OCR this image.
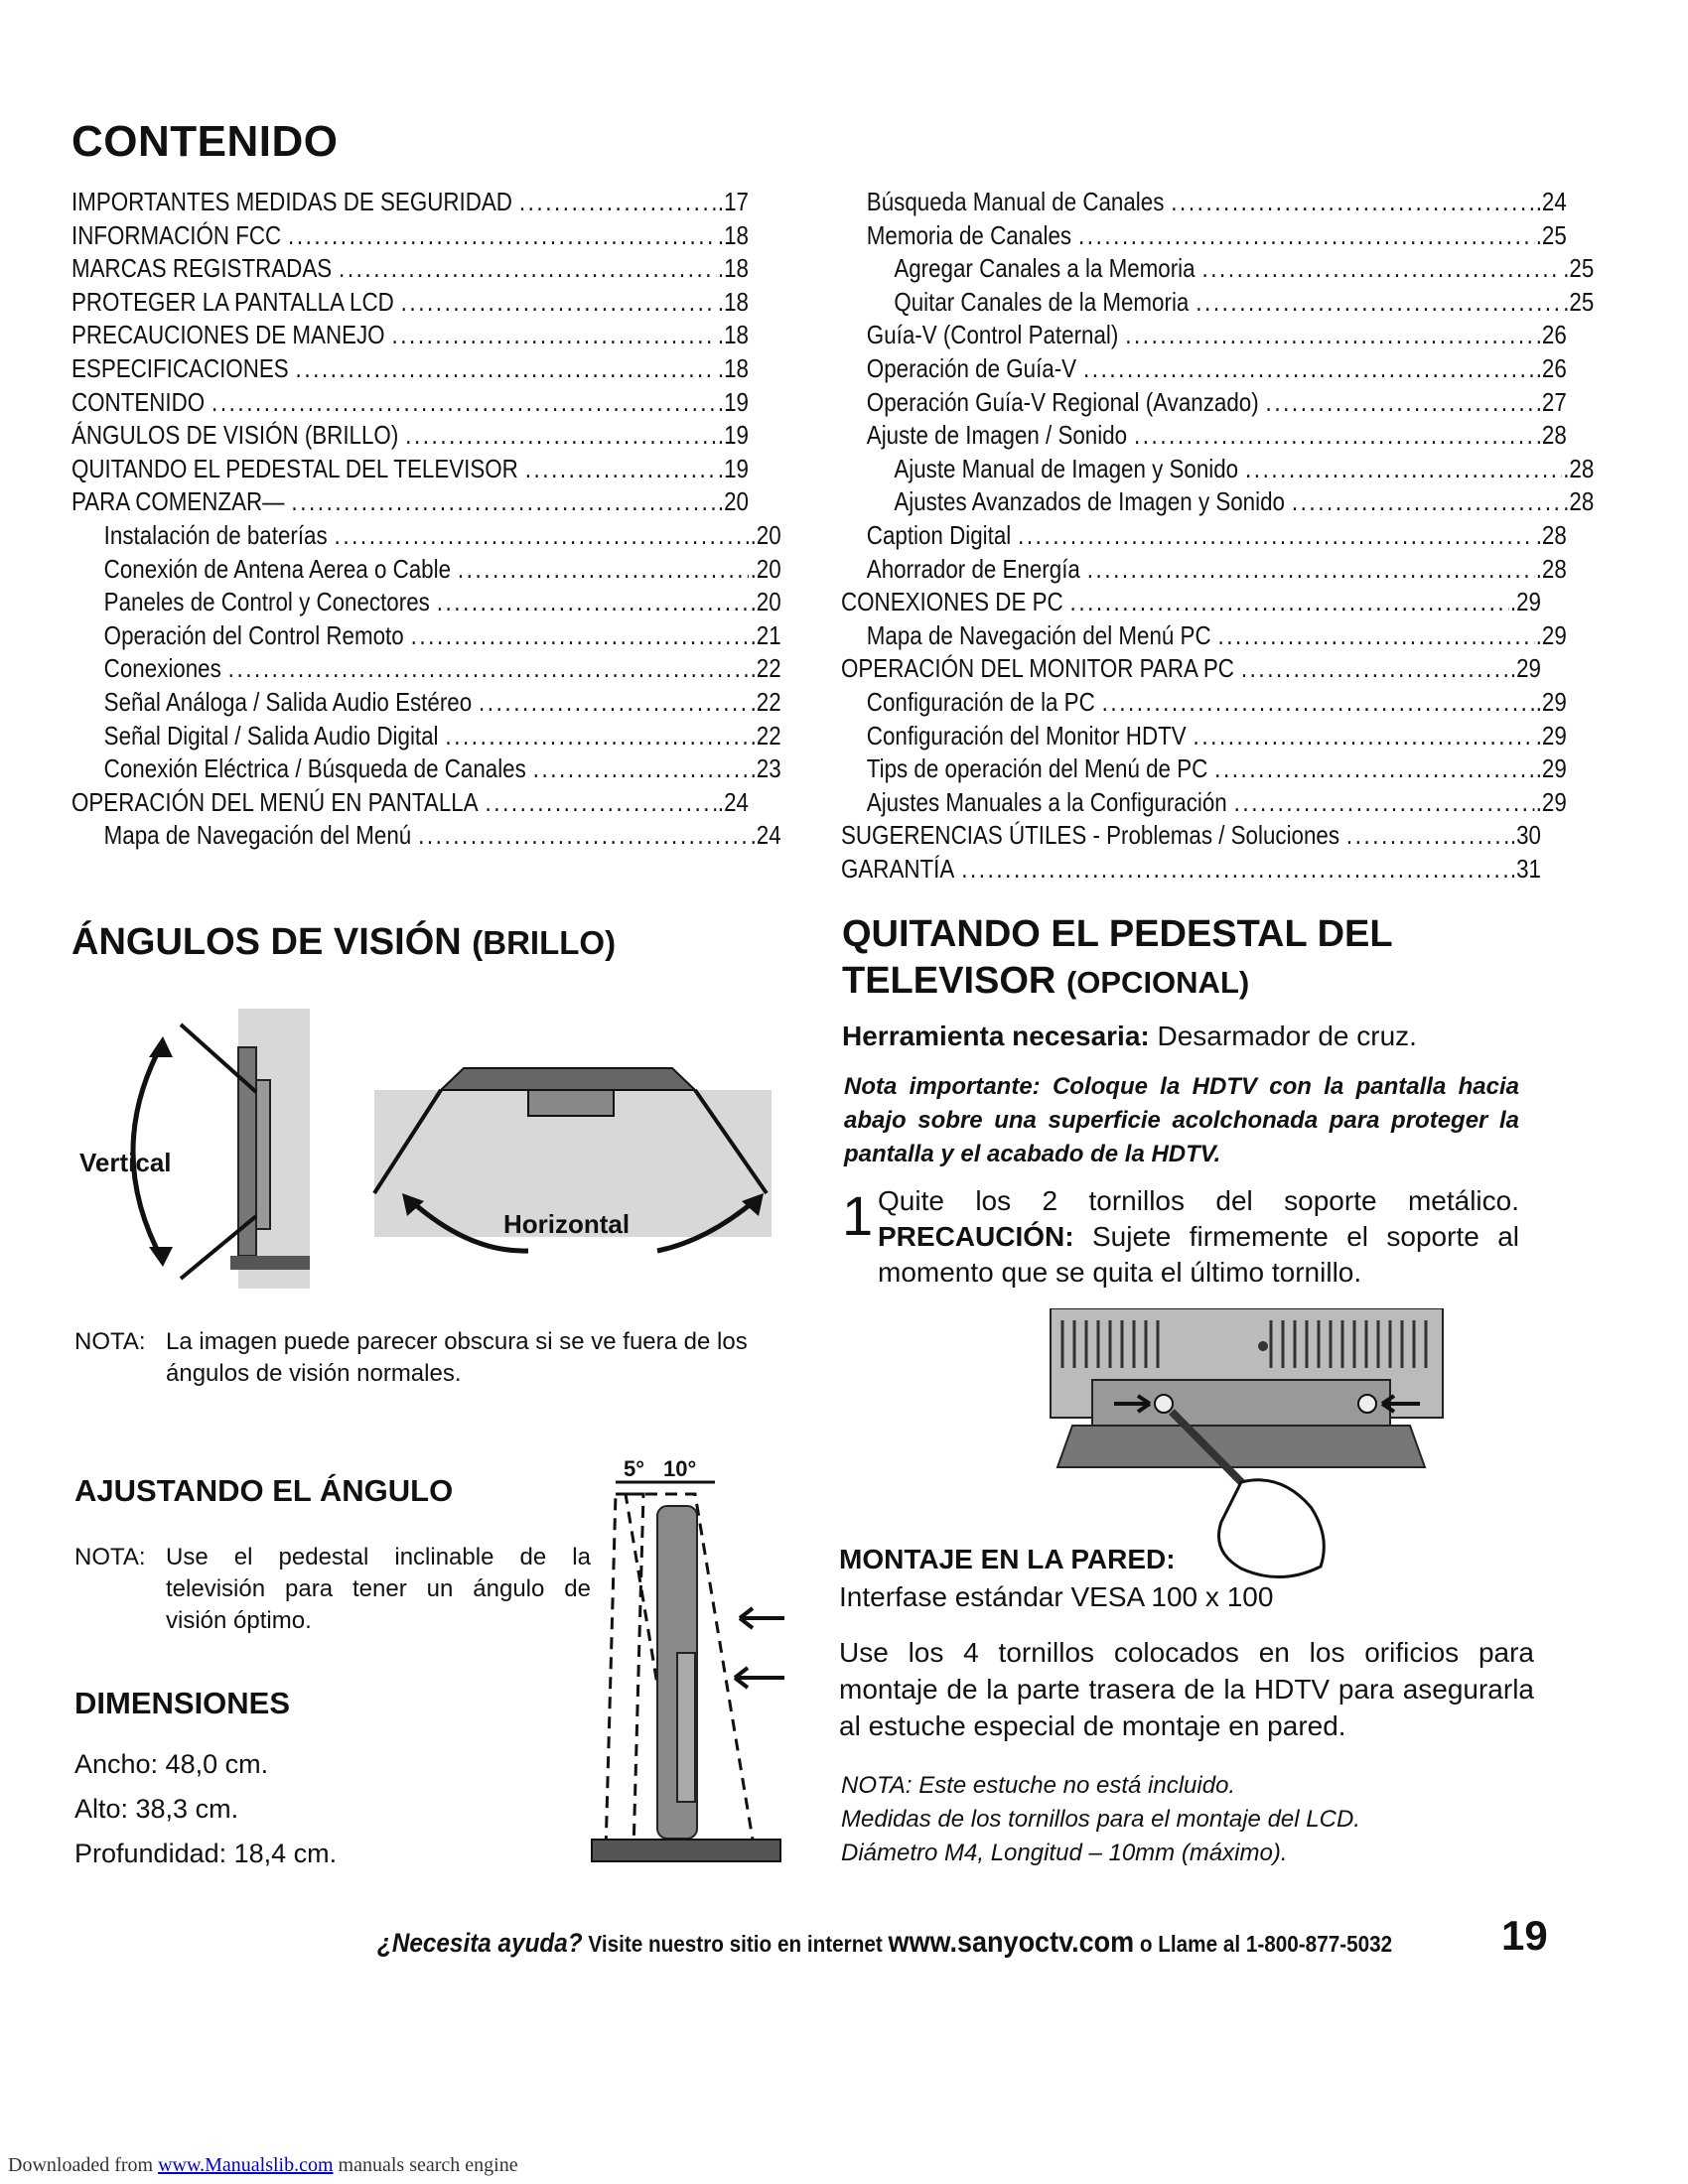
CONTENIDO
IMPORTANTES MEDIDAS DE SEGURIDAD .....	.17
INFORMACIÓN FCC .....	.18
MARCAS REGISTRADAS .....	.18
PROTEGER LA PANTALLA LCD .....	.18
PRECAUCIONES DE MANEJO .....	.18
ESPECIFICACIONES .....	.18
CONTENIDO .....	.19
ÁNGULOS DE VISIÓN (BRILLO) .....	.19
QUITANDO EL PEDESTAL DEL TELEVISOR .....	.19
PARA COMENZAR— .....	.20
Instalación de baterías .....	.20
Conexión de Antena Aerea o Cable .....	.20
Paneles de Control y Conectores .....	.20
Operación del Control Remoto .....	.21
Conexiones .....	.22
Señal Análoga / Salida Audio Estéreo .....	.22
Señal Digital / Salida Audio Digital .....	.22
Conexión Eléctrica / Búsqueda de Canales .....	.23
OPERACIÓN DEL MENÚ EN PANTALLA .....	.24
Mapa de Navegación del Menú .....	.24
Búsqueda Manual de Canales .....	.24
Memoria de Canales .....	.25
Agregar Canales a la Memoria .....	.25
Quitar Canales de la Memoria .....	.25
Guía-V (Control Paternal) .....	.26
Operación de Guía-V .....	.26
Operación Guía-V Regional (Avanzado) .....	.27
Ajuste de Imagen / Sonido .....	.28
Ajuste Manual de Imagen y Sonido .....	.28
Ajustes Avanzados de Imagen y Sonido .....	.28
Caption Digital .....	.28
Ahorrador de Energía .....	.28
CONEXIONES DE PC .....	.29
Mapa de Navegación del Menú PC .....	.29
OPERACIÓN DEL MONITOR PARA PC .....	.29
Configuración de la PC .....	.29
Configuración del Monitor HDTV .....	.29
Tips de operación del Menú de PC .....	.29
Ajustes Manuales a la Configuración .....	.29
SUGERENCIAS ÚTILES - Problemas / Soluciones .....	.30
GARANTÍA .....	.31
ÁNGULOS DE VISIÓN (BRILLO)
Vertical
Horizontal
NOTA: La imagen puede parecer obscura si se ve fuera de los ángulos de visión normales.
AJUSTANDO EL ÁNGULO
NOTA: Use el pedestal inclinable de la televisión para tener un ángulo de visión óptimo.
5° 10°
DIMENSIONES
Ancho: 48,0 cm.
Alto: 38,3 cm.
Profundidad: 18,4 cm.
QUITANDO EL PEDESTAL DEL
TELEVISOR (OPCIONAL)
Herramienta necesaria: Desarmador de cruz.
Nota importante: Coloque la HDTV con la pantalla hacia abajo sobre una superficie acolchonada para proteger la pantalla y el acabado de la HDTV.
1 Quite los 2 tornillos del soporte metálico. PRECAUCIÓN: Sujete firmemente el soporte al momento que se quita el último tornillo.
MONTAJE EN LA PARED:
Interfase estándar VESA 100 x 100
Use los 4 tornillos colocados en los orificios para montaje de la parte trasera de la HDTV para asegurarla al estuche especial de montaje en pared.
NOTA: Este estuche no está incluido.
Medidas de los tornillos para el montaje del LCD.
Diámetro M4, Longitud – 10mm (máximo).
¿Necesita ayuda? Visite nuestro sitio en internet www.sanyoctv.com o Llame al 1-800-877-5032	19
Downloaded from www.Manualslib.com manuals search engine
